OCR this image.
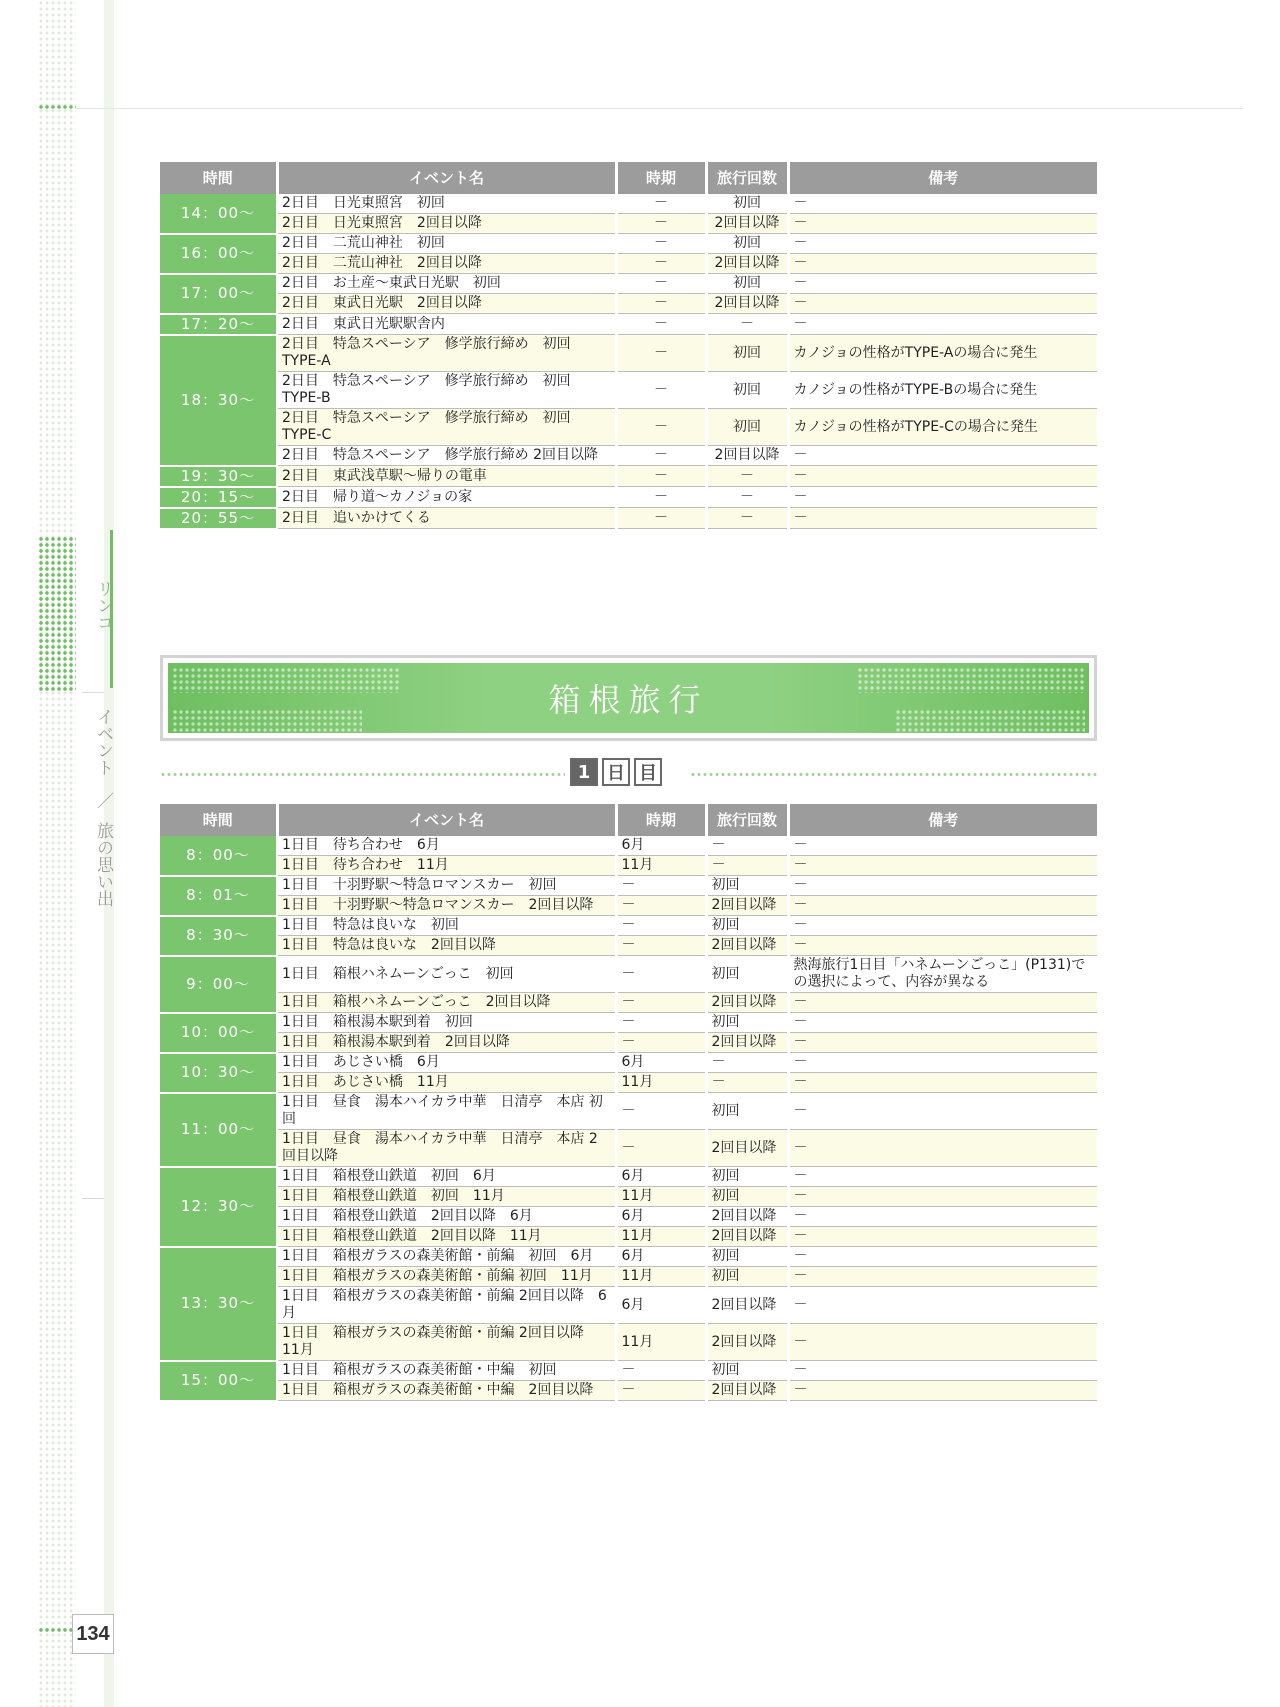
リンコ
イベント
／
旅の思い出
134
時間	イベント名	時期	旅行回数	備考
14：00～	2日目　日光東照宮　初回	－	初回	－
	2日目　日光東照宮　2回目以降	－	2回目以降	－
16：00～	2日目　二荒山神社　初回	－	初回	－
	2日目　二荒山神社　2回目以降	－	2回目以降	－
17：00～	2日目　お土産～東武日光駅　初回	－	初回	－
	2日目　東武日光駅　2回目以降	－	2回目以降	－
17：20～	2日目　東武日光駅駅舎内	－	－	－
18：30～	2日目　特急スペーシア　修学旅行締め　初回 TYPE-A	－	初回	カノジョの性格がTYPE-Aの場合に発生
	2日目　特急スペーシア　修学旅行締め　初回 TYPE-B	－	初回	カノジョの性格がTYPE-Bの場合に発生
	2日目　特急スペーシア　修学旅行締め　初回 TYPE-C	－	初回	カノジョの性格がTYPE-Cの場合に発生
	2日目　特急スペーシア　修学旅行締め 2回目以降	－	2回目以降	－
19：30～	2日目　東武浅草駅～帰りの電車	－	－	－
20：15～	2日目　帰り道～カノジョの家	－	－	－
20：55～	2日目　追いかけてくる	－	－	－
箱根旅行
1 日 目
時間	イベント名	時期	旅行回数	備考
8：00～	1日目　待ち合わせ　6月	6月	－	－
	1日目　待ち合わせ　11月	11月	－	－
8：01～	1日目　十羽野駅～特急ロマンスカー　初回	－	初回	－
	1日目　十羽野駅～特急ロマンスカー　2回目以降	－	2回目以降	－
8：30～	1日目　特急は良いな　初回	－	初回	－
	1日目　特急は良いな　2回目以降	－	2回目以降	－
9：00～	1日目　箱根ハネムーンごっこ　初回	－	初回	熱海旅行1日目「ハネムーンごっこ」(P131)での選択によって、内容が異なる
	1日目　箱根ハネムーンごっこ　2回目以降	－	2回目以降	－
10：00～	1日目　箱根湯本駅到着　初回	－	初回	－
	1日目　箱根湯本駅到着　2回目以降	－	2回目以降	－
10：30～	1日目　あじさい橋　6月	6月	－	－
	1日目　あじさい橋　11月	11月	－	－
11：00～	1日目　昼食　湯本ハイカラ中華　日清亭　本店 初回	－	初回	－
	1日目　昼食　湯本ハイカラ中華　日清亭　本店 2回目以降	－	2回目以降	－
12：30～	1日目　箱根登山鉄道　初回　6月	6月	初回	－
	1日目　箱根登山鉄道　初回　11月	11月	初回	－
	1日目　箱根登山鉄道　2回目以降　6月	6月	2回目以降	－
	1日目　箱根登山鉄道　2回目以降　11月	11月	2回目以降	－
13：30～	1日目　箱根ガラスの森美術館・前編　初回　6月	6月	初回	－
	1日目　箱根ガラスの森美術館・前編 初回　11月	11月	初回	－
	1日目　箱根ガラスの森美術館・前編 2回目以降　6月	6月	2回目以降	－
	1日目　箱根ガラスの森美術館・前編 2回目以降　11月	11月	2回目以降	－
15：00～	1日目　箱根ガラスの森美術館・中編　初回	－	初回	－
	1日目　箱根ガラスの森美術館・中編　2回目以降	－	2回目以降	－
